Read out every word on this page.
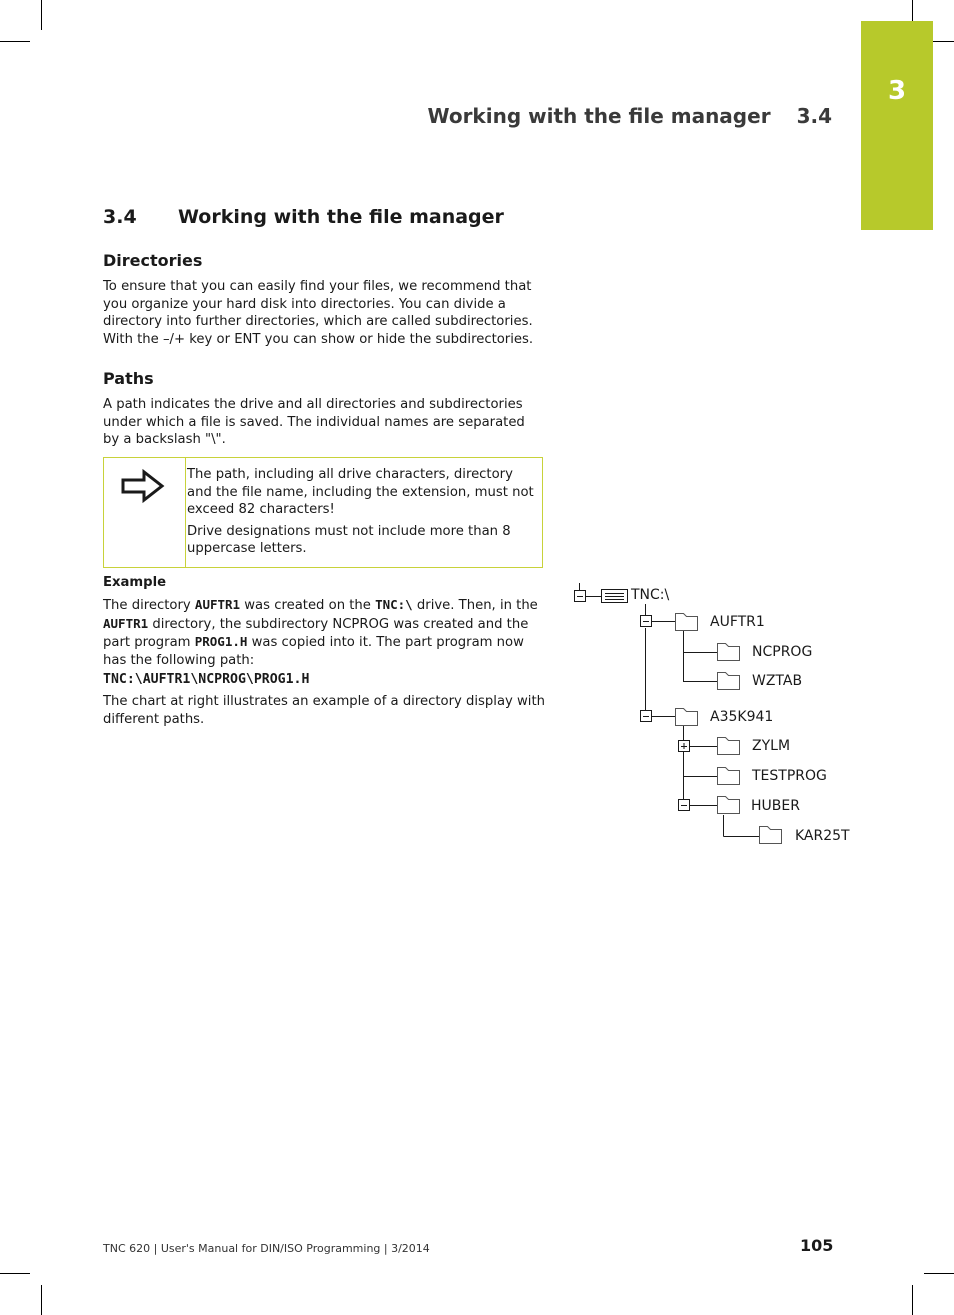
3
Working with the file manager 3.4
3.4 Working with the file manager
Directories

To ensure that you can easily find your files, we recommend that you organize your hard disk into directories. You can divide a directory into further directories, which are called subdirectories. With the –/+ key or ENT you can show or hide the subdirectories.

Paths

A path indicates the drive and all directories and subdirectories under which a file is saved. The individual names are separated by a backslash "\".

The path, including all drive characters, directory and the file name, including the extension, must not exceed 82 characters!

Drive designations must not include more than 8 uppercase letters.

Example

The directory AUFTR1 was created on the TNC:\ drive. Then, in the AUFTR1 directory, the subdirectory NCPROG was created and the part program PROG1.H was copied into it. The part program now has the following path:

TNC:\AUFTR1\NCPROG\PROG1.H

The chart at right illustrates an example of a directory display with different paths.

TNC:\
AUFTR1
NCPROG
WZTAB
A35K941
ZYLM
TESTPROG
HUBER
KAR25T
TNC 620 | User's Manual for DIN/ISO Programming | 3/2014	105
